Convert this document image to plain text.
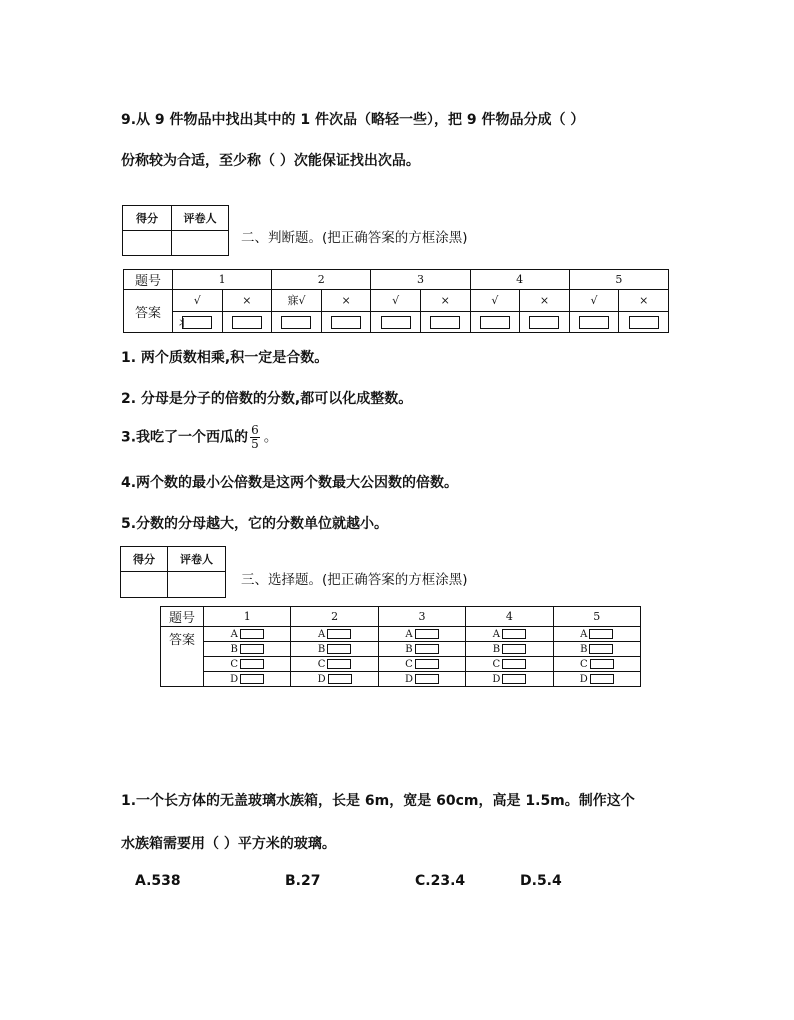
9.从 9 件物品中找出其中的 1 件次品（略轻一些），把 9 件物品分成（ ）
份称较为合适，至少称（ ）次能保证找出次品。
得分	评卷人

二、判断题。(把正确答案的方框涂黑)
题号	1		2		3		4		5	
答案	√	×	寐√	×	√	×	√	×	√	×

	丬									

1. 两个质数相乘,积一定是合数。
2. 分母是分子的倍数的分数,都可以化成整数。
3.我吃了一个西瓜的 $\frac{6}{5}$ 。
4.两个数的最小公倍数是这两个数最大公因数的倍数。
5.分数的分母越大，它的分数单位就越小。
得分	评卷人

三、选择题。(把正确答案的方框涂黑)
题号	1	2	3	4	5
答案	A	A	A	A	A
	B	B	B	B	B
	C	C	C	C	C
	D	D	D	D	D
1.一个长方体的无盖玻璃水族箱，长是 6m，宽是 60cm，高是 1.5m。制作这个
水族箱需要用（ ）平方米的玻璃。
A.538	B.27	C.23.4	D.5.4
